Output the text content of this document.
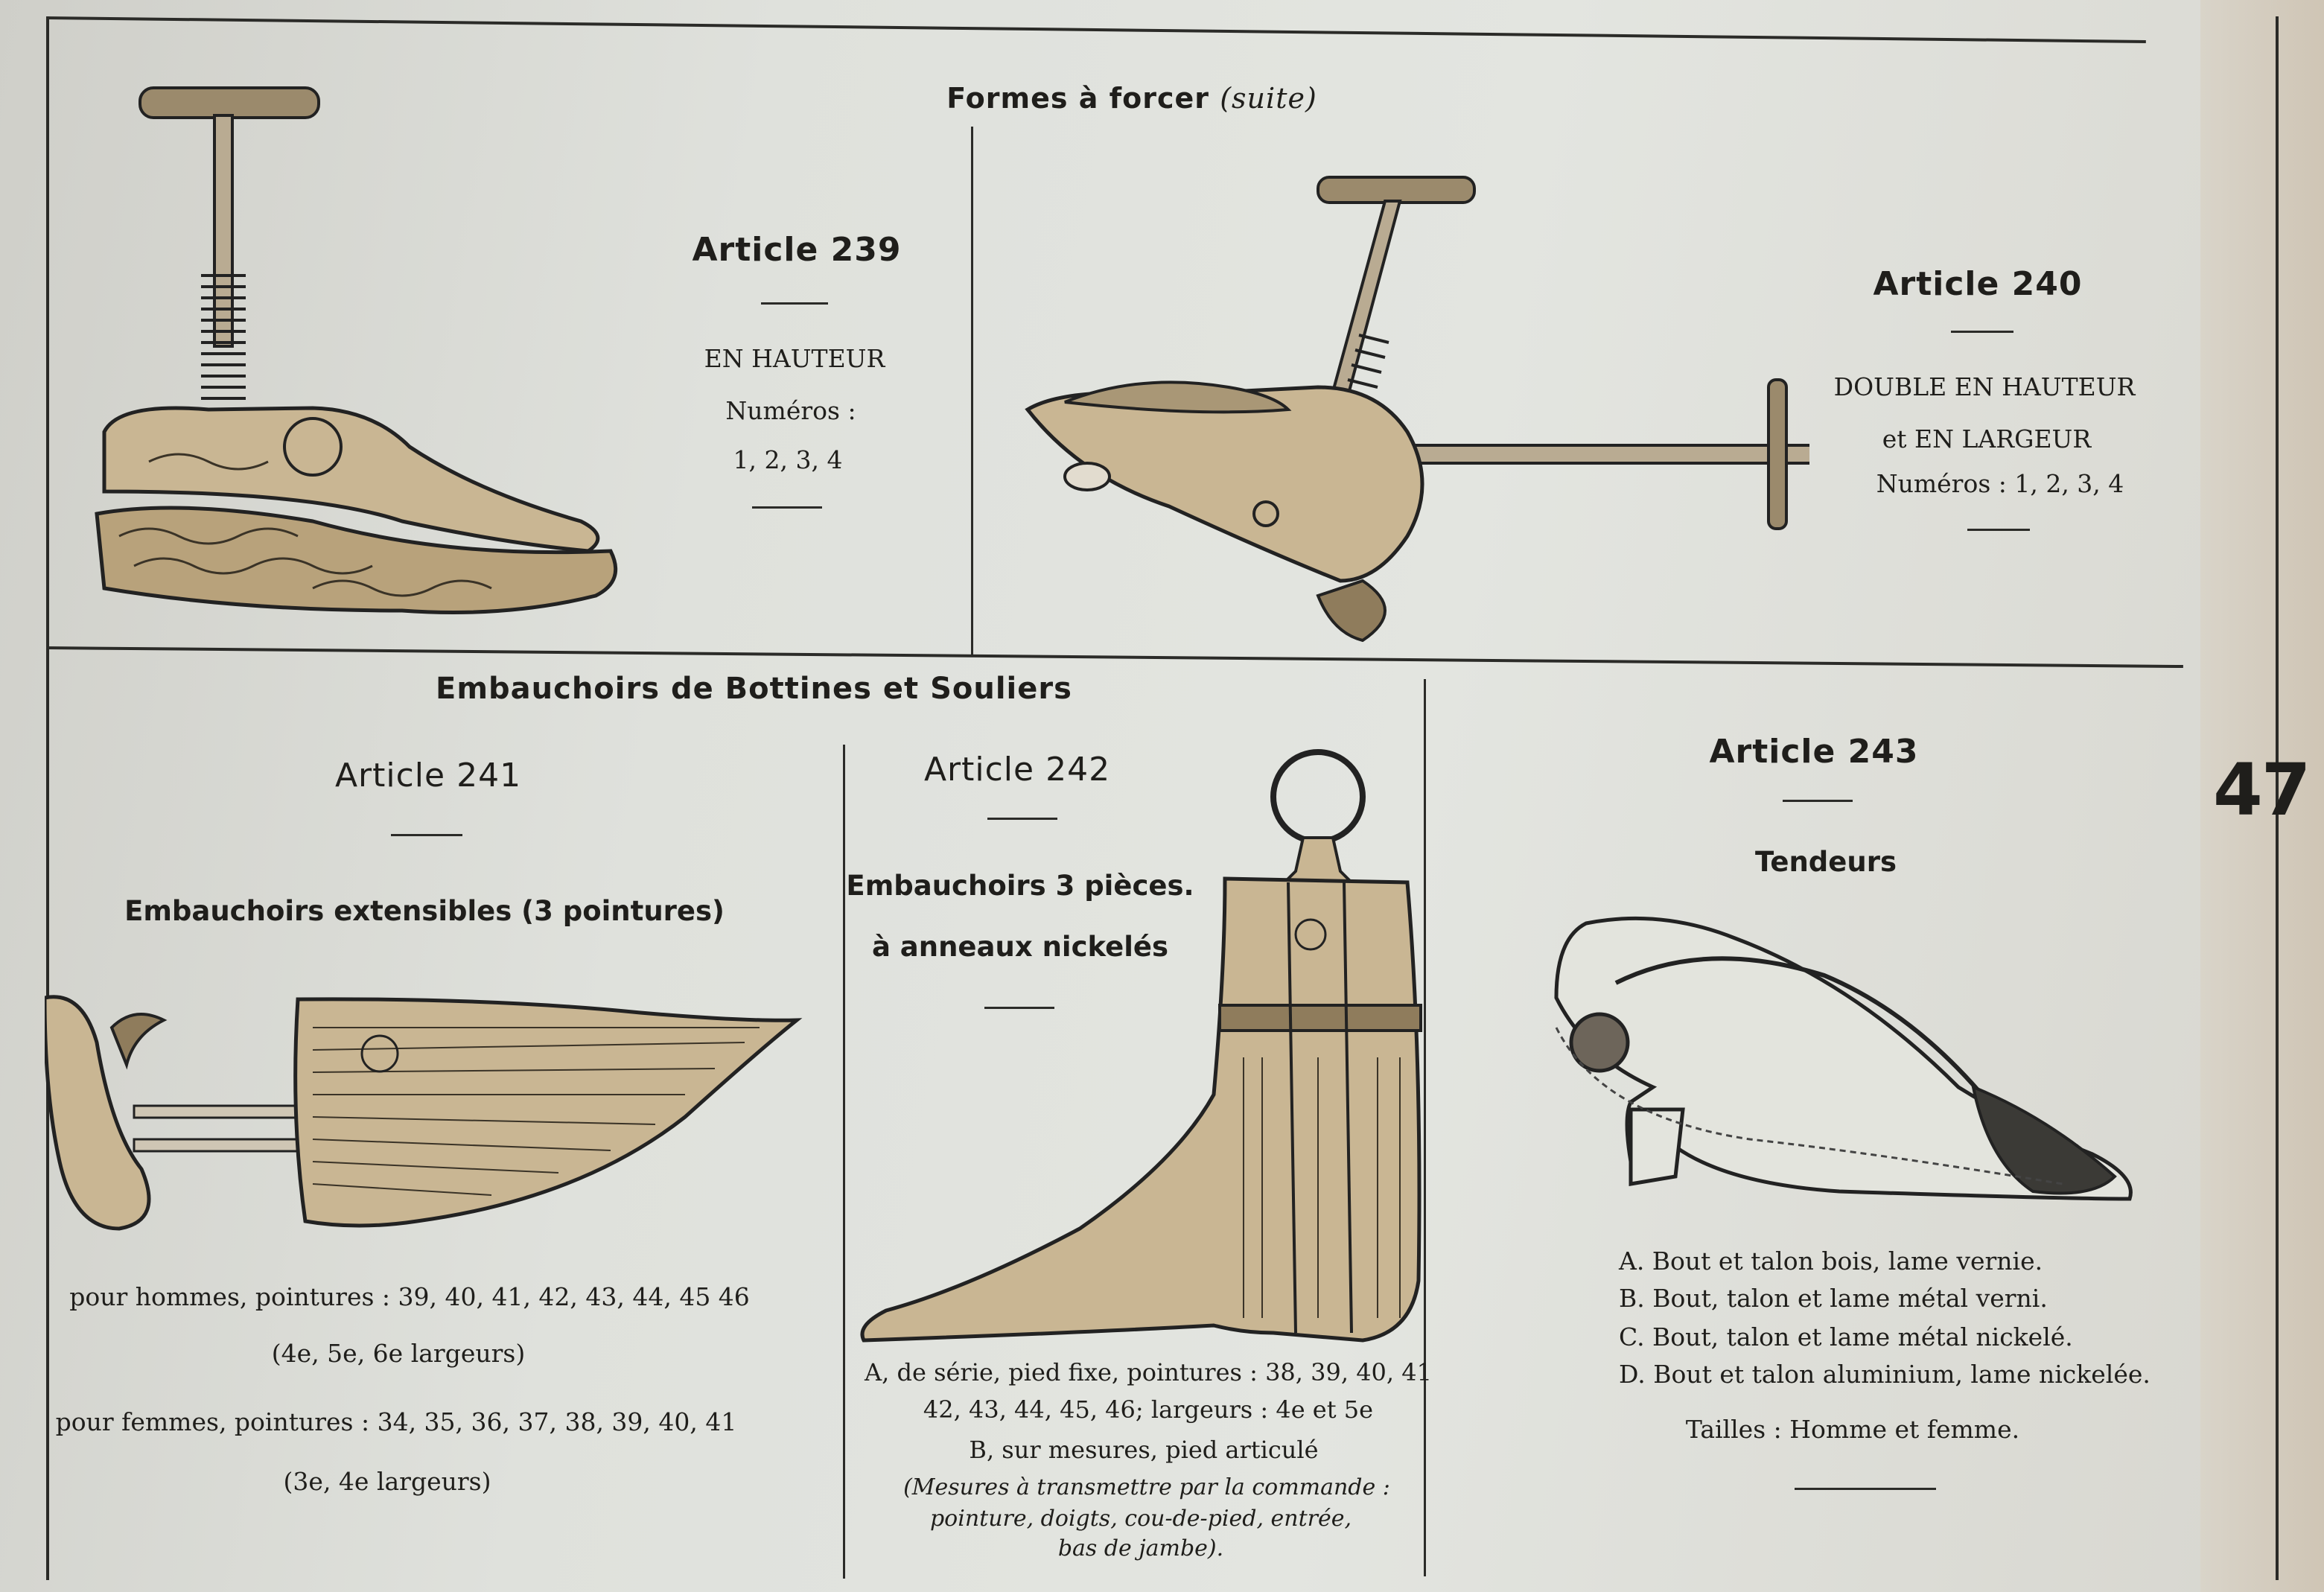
Formes à forcer (suite)
47
Article 239
EN HAUTEUR
Numéros :
1, 2, 3, 4
Article 240
DOUBLE EN HAUTEUR
et EN LARGEUR
Numéros : 1, 2, 3, 4
Embauchoirs de Bottines et Souliers
Article 241
Embauchoirs extensibles (3 pointures)
pour hommes, pointures : 39, 40, 41, 42, 43, 44, 45 46
(4e, 5e, 6e largeurs)
pour femmes, pointures : 34, 35, 36, 37, 38, 39, 40, 41
(3e, 4e largeurs)
Article 242
Embauchoirs 3 pièces.
à anneaux nickelés
A, de série, pied fixe, pointures : 38, 39, 40, 41
42, 43, 44, 45, 46; largeurs : 4e et 5e
B, sur mesures, pied articulé
(Mesures à transmettre par la commande :
pointure, doigts, cou-de-pied, entrée,
bas de jambe).
Article 243
Tendeurs
A. Bout et talon bois, lame vernie.
B. Bout, talon et lame métal verni.
C. Bout, talon et lame métal nickelé.
D. Bout et talon aluminium, lame nickelée.
Tailles : Homme et femme.
